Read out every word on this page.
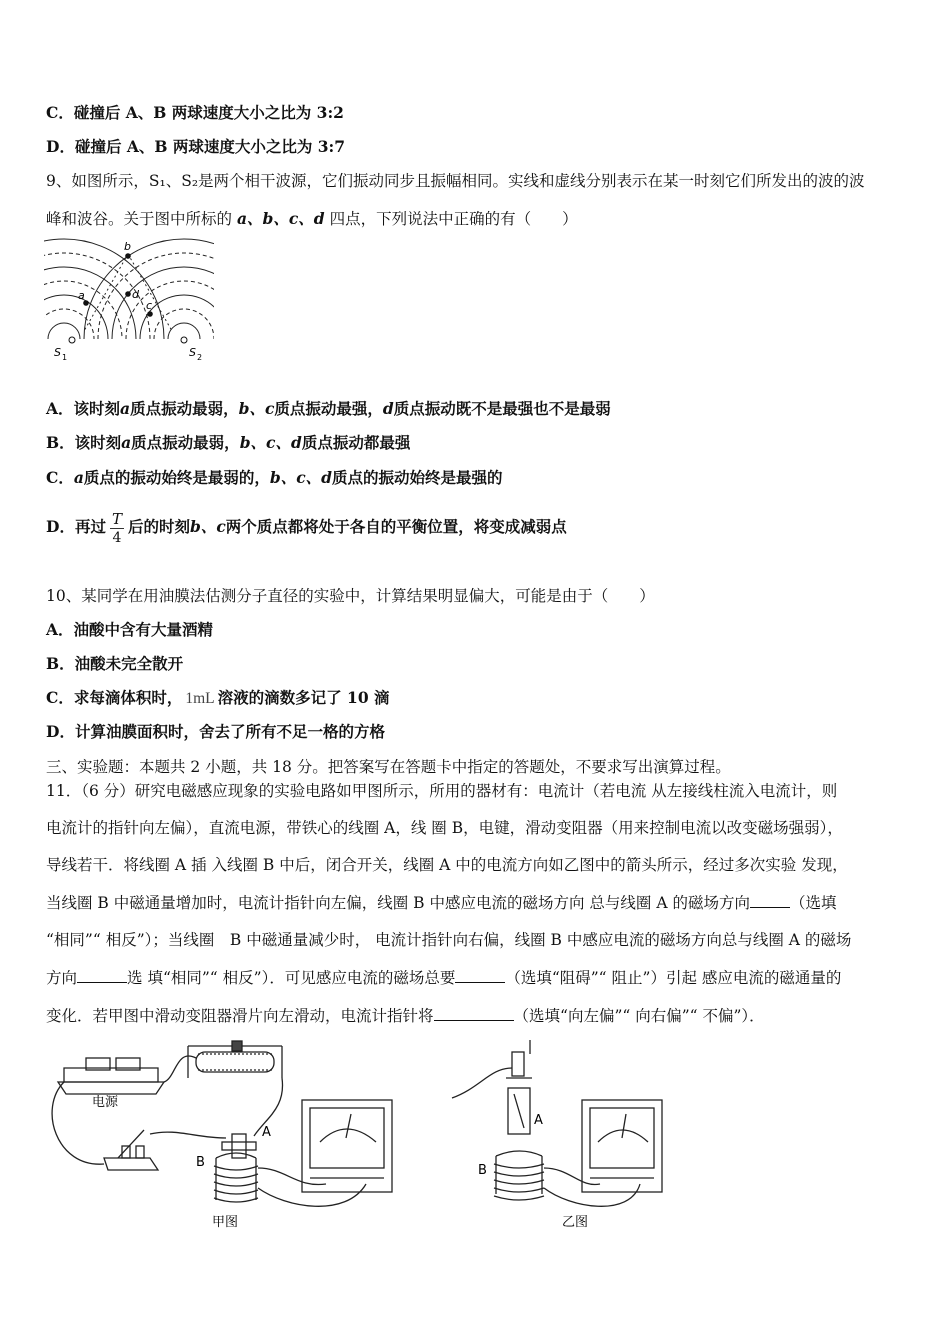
C．碰撞后 A、B 两球速度大小之比为 3:2
D．碰撞后 A、B 两球速度大小之比为 3:7
9、如图所示，S₁、S₂是两个相干波源，它们振动同步且振幅相同。实线和虚线分别表示在某一时刻它们所发出的波的波
峰和波谷。关于图中所标的 a、b、c、d 四点，下列说法中正确的有（　　）
b
a	d
c
S 1	S 2
A．该时刻a质点振动最弱，b、c质点振动最强，d质点振动既不是最强也不是最弱
B．该时刻a质点振动最弱，b、c、d质点振动都最强
C．a质点的振动始终是最弱的，b、c、d质点的振动始终是最强的
D．再过 $\frac{T}{4}$ 后的时刻b、c两个质点都将处于各自的平衡位置，将变成减弱点
10、某同学在用油膜法估测分子直径的实验中，计算结果明显偏大，可能是由于（　　）
A．油酸中含有大量酒精
B．油酸未完全散开
C．求每滴体积时， 1mL 溶液的滴数多记了 10 滴
D．计算油膜面积时，舍去了所有不足一格的方格
三、实验题：本题共 2 小题，共 18 分。把答案写在答题卡中指定的答题处，不要求写出演算过程。
11．（6 分）研究电磁感应现象的实验电路如甲图所示，所用的器材有：电流计（若电流 从左接线柱流入电流计，则
电流计的指针向左偏），直流电源，带铁心的线圈 A，线 圈 B，电键，滑动变阻器（用来控制电流以改变磁场强弱），
导线若干．将线圈 A 插 入线圈 B 中后，闭合开关，线圈 A 中的电流方向如乙图中的箭头所示，经过多次实验 发现，
当线圈 B 中磁通量增加时，电流计指针向左偏，线圈 B 中感应电流的磁场方向 总与线圈 A 的磁场方向	（选填
“相同”“ 相反”）；当线圈　B 中磁通量减少时， 电流计指针向右偏，线圈 B 中感应电流的磁场方向总与线圈 A 的磁场
方向	选 填“相同”“ 相反”）．可见感应电流的磁场总要	（选填“阻碍”“ 阻止”）引起 感应电流的磁通量的
变化．若甲图中滑动变阻器滑片向左滑动，电流计指针将	（选填“向左偏”“ 向右偏”“ 不偏”）．
电源
A
B
甲图
A
B
乙图
